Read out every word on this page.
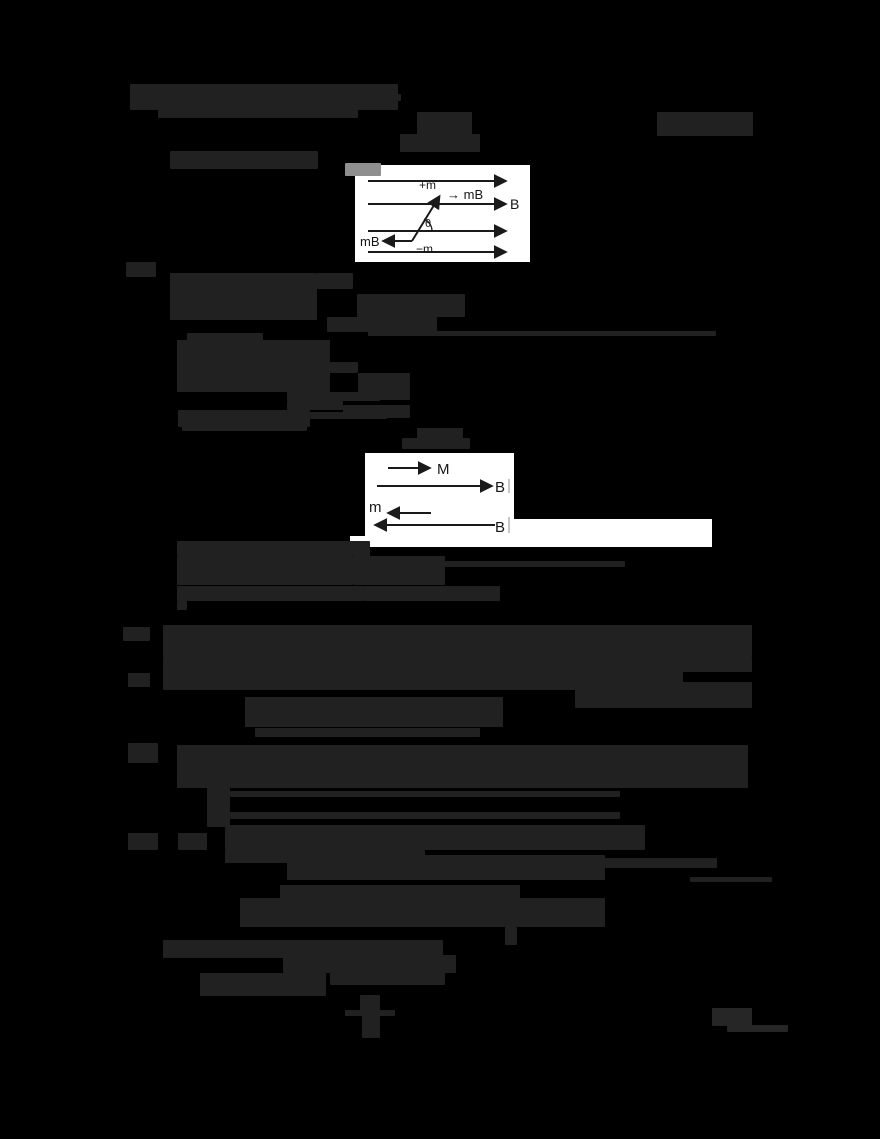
+m
→ mB
B
θ
mB	−m
M
B
m
B
